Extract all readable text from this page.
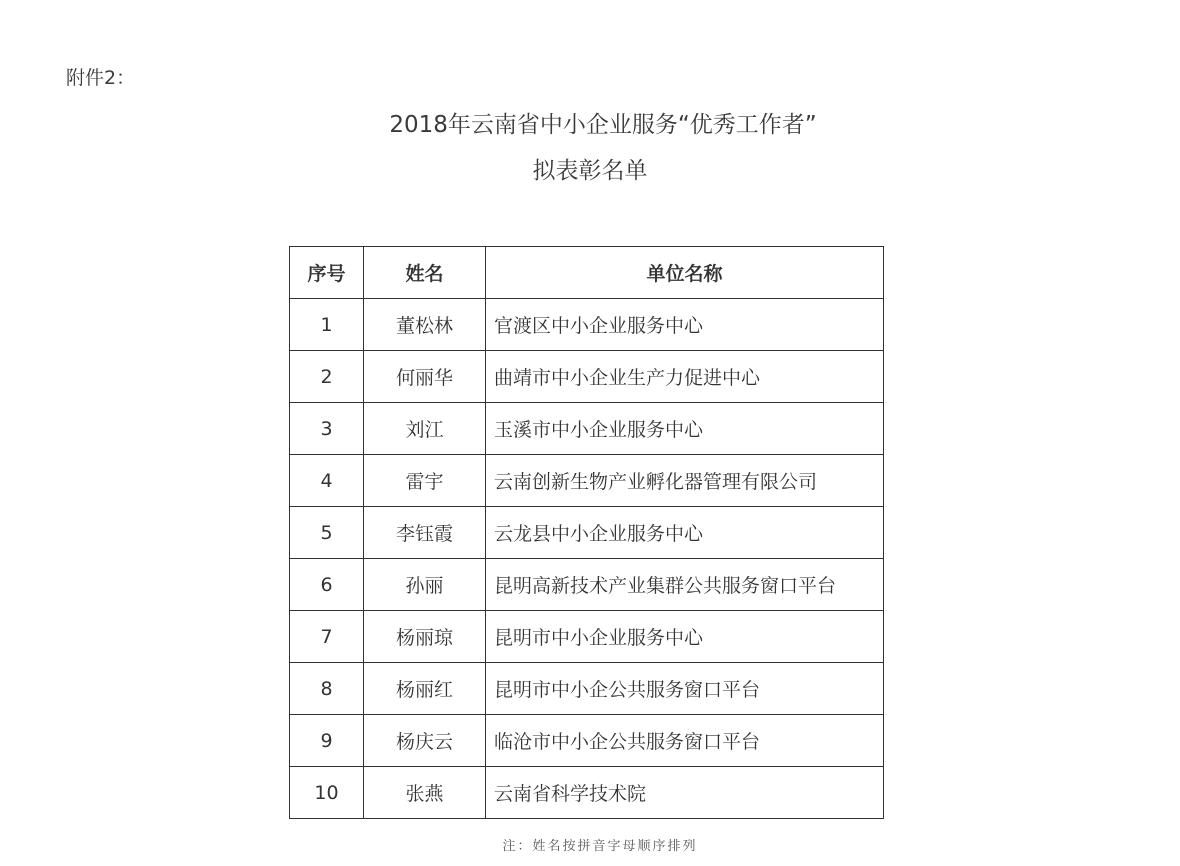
附件2：
2018年云南省中小企业服务“优秀工作者”
拟表彰名单
序号	姓名	单位名称
1	董松林	官渡区中小企业服务中心
2	何丽华	曲靖市中小企业生产力促进中心
3	刘江	玉溪市中小企业服务中心
4	雷宇	云南创新生物产业孵化器管理有限公司
5	李钰霞	云龙县中小企业服务中心
6	孙丽	昆明高新技术产业集群公共服务窗口平台
7	杨丽琼	昆明市中小企业服务中心
8	杨丽红	昆明市中小企公共服务窗口平台
9	杨庆云	临沧市中小企公共服务窗口平台
10	张燕	云南省科学技术院
注：姓名按拼音字母顺序排列
